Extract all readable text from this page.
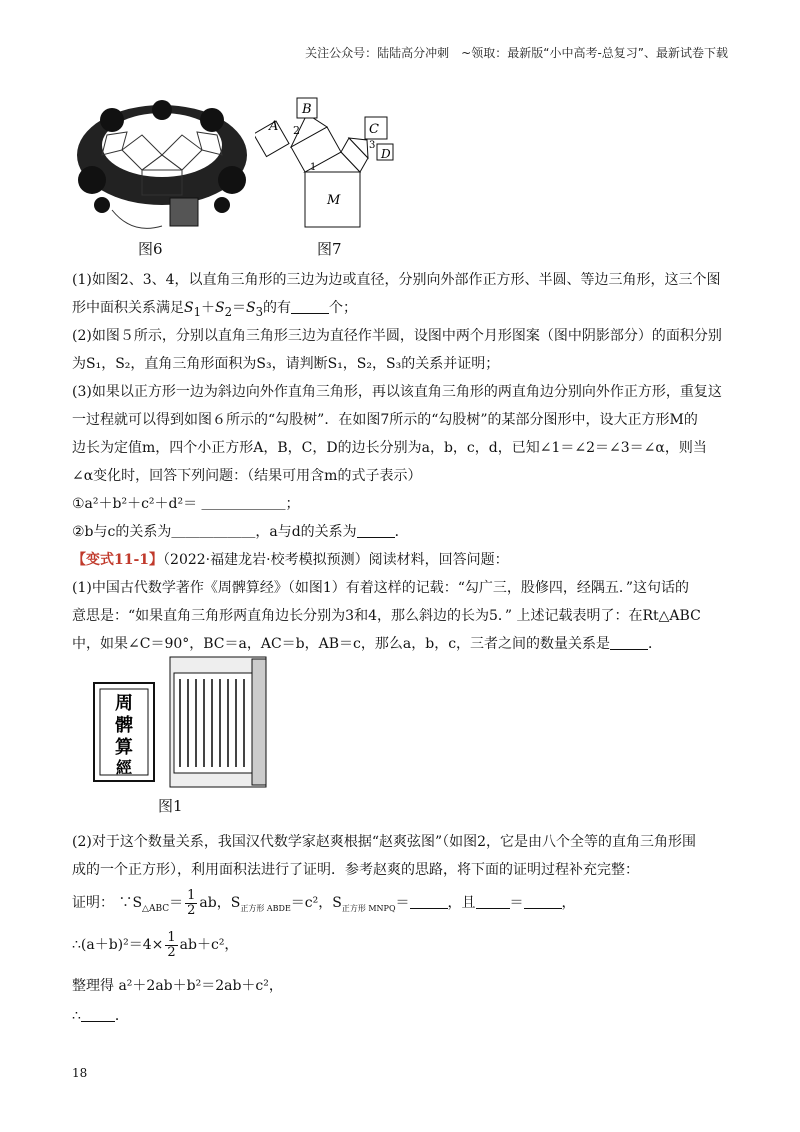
关注公众号：陆陆高分冲刺　~领取：最新版“小中高考-总复习”、最新试卷下载
图6
A
B
C
D
M
1
2
3
图7
(1)如图2、3、4，以直角三角形的三边为边或直径，分别向外部作正方形、半圆、等边三角形，这三个图
形中面积关系满足$S_1+S_2=S_3$的有	个；
(2)如图５所示，分别以直角三角形三边为直径作半圆，设图中两个月形图案（图中阴影部分）的面积分别
为S₁，S₂，直角三角形面积为S₃，请判断S₁，S₂，S₃的关系并证明；
(3)如果以正方形一边为斜边向外作直角三角形，再以该直角三角形的两直角边分别向外作正方形，重复这
一过程就可以得到如图６所示的“勾股树”．在如图7所示的“勾股树”的某部分图形中，设大正方形M的
边长为定值m，四个小正方形A，B，C，D的边长分别为a，b，c，d，已知∠1＝∠2＝∠3＝∠α，则当
∠α变化时，回答下列问题：（结果可用含m的式子表示）
①a²＋b²＋c²＋d²＝ ＿＿＿＿＿＿；
②b与c的关系为＿＿＿＿＿＿，a与d的关系为	．
【变式11-1】（2022·福建龙岩·校考模拟预测）阅读材料，回答问题：
(1)中国古代数学著作《周髀算经》（如图1）有着这样的记载：“勾广三，股修四，经隅五．”这句话的
意思是：“如果直角三角形两直角边长分别为3和4，那么斜边的长为5．” 上述记载表明了：在Rt△ABC
中，如果∠C＝90°，BC＝a，AC＝b，AB＝c，那么a，b，c，三者之间的数量关系是	．
周
髀
算
經
图1
(2)对于这个数量关系，我国汉代数学家赵爽根据“赵爽弦图”（如图2，它是由八个全等的直角三角形围
成的一个正方形），利用面积法进行了证明．参考赵爽的思路，将下面的证明过程补充完整：
证明： $\because S_{\triangle ABC}= \frac{1}{2}$ ab，$S_{正方形 ABDE}=c^2$，$S_{正方形 MNPQ}=$	，且 ＝	，
∴(a＋b)²＝4× $\frac{1}{2} ab+c^2$，
整理得 a²＋2ab＋b²＝2ab＋c²，
∴ ．
18
